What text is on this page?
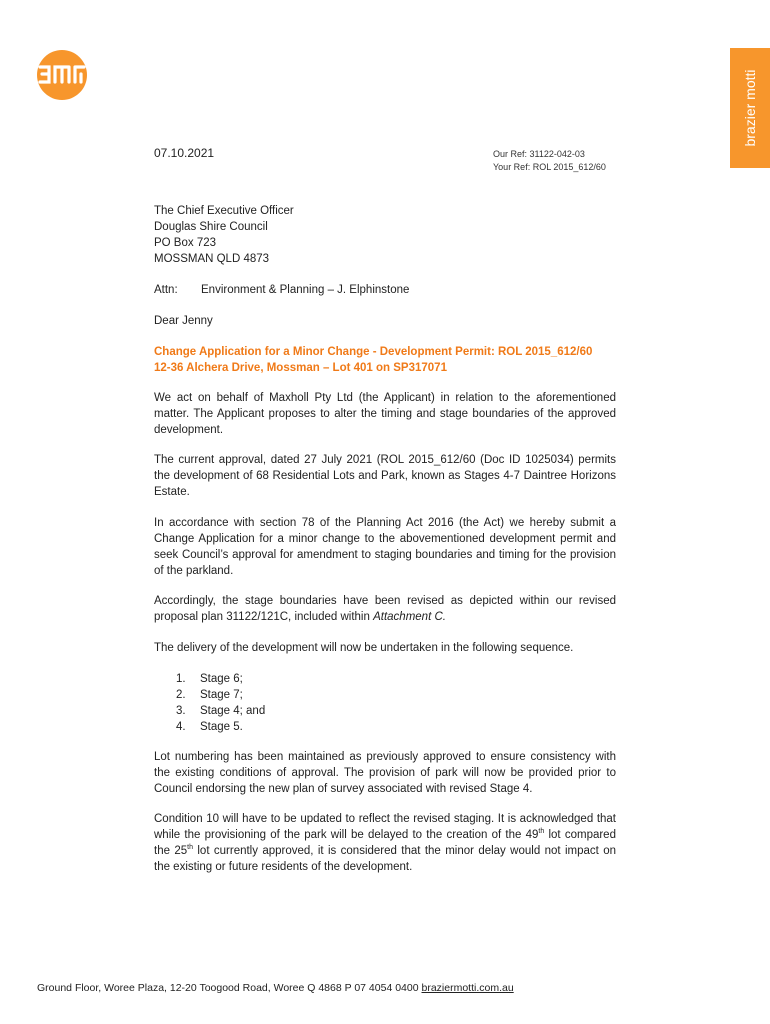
brazier motti
07.10.2021	Our Ref: 31122-042-03
Your Ref: ROL 2015_612/60
The Chief Executive Officer
Douglas Shire Council
PO Box 723
MOSSMAN QLD 4873
Attn: Environment & Planning – J. Elphinstone
Dear Jenny
Change Application for a Minor Change - Development Permit: ROL 2015_612/60
12-36 Alchera Drive, Mossman – Lot 401 on SP317071
We act on behalf of Maxholl Pty Ltd (the Applicant) in relation to the aforementioned matter. The Applicant proposes to alter the timing and stage boundaries of the approved development.
The current approval, dated 27 July 2021 (ROL 2015_612/60 (Doc ID 1025034) permits the development of 68 Residential Lots and Park, known as Stages 4-7 Daintree Horizons Estate.
In accordance with section 78 of the Planning Act 2016 (the Act) we hereby submit a Change Application for a minor change to the abovementioned development permit and seek Council’s approval for amendment to staging boundaries and timing for the provision of the parkland.
Accordingly, the stage boundaries have been revised as depicted within our revised proposal plan 31122/121C, included within Attachment C.
The delivery of the development will now be undertaken in the following sequence.
1.	Stage 6;
2.	Stage 7;
3.	Stage 4; and
4.	Stage 5.
Lot numbering has been maintained as previously approved to ensure consistency with the existing conditions of approval. The provision of park will now be provided prior to Council endorsing the new plan of survey associated with revised Stage 4.
Condition 10 will have to be updated to reflect the revised staging. It is acknowledged that while the provisioning of the park will be delayed to the creation of the 49th lot compared the 25th lot currently approved, it is considered that the minor delay would not impact on the existing or future residents of the development.
Ground Floor, Woree Plaza, 12-20 Toogood Road, Woree Q 4868 P 07 4054 0400 braziermotti.com.au
